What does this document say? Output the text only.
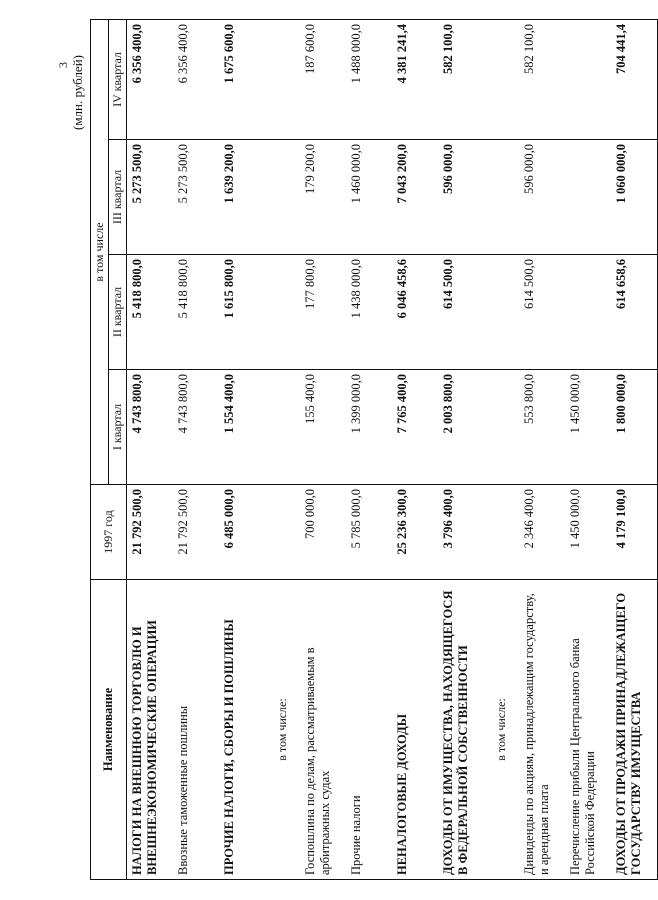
3 (млн. рублей)
Наименование	1997 год	в том числе			
		I квартал	II квартал	III квартал	IV квартал
НАЛОГИ НА ВНЕШНЮЮ ТОРГОВЛЮ И ВНЕШНЕЭКОНОМИЧЕСКИЕ ОПЕРАЦИИ	21 792 500,0	4 743 800,0	5 418 800,0	5 273 500,0	6 356 400,0
Ввозные таможенные пошлины	21 792 500,0	4 743 800,0	5 418 800,0	5 273 500,0	6 356 400,0
ПРОЧИЕ НАЛОГИ, СБОРЫ И ПОШЛИНЫ	6 485 000,0	1 554 400,0	1 615 800,0	1 639 200,0	1 675 600,0
в том числе:					
Госпошлина по делам, рассматриваемым в арбитражных судах	700 000,0	155 400,0	177 800,0	179 200,0	187 600,0
Прочие налоги	5 785 000,0	1 399 000,0	1 438 000,0	1 460 000,0	1 488 000,0
НЕНАЛОГОВЫЕ ДОХОДЫ	25 236 300,0	7 765 400,0	6 046 458,6	7 043 200,0	4 381 241,4
ДОХОДЫ ОТ ИМУЩЕСТВА, НАХОДЯЩЕГОСЯ В ФЕДЕРАЛЬНОЙ СОБСТВЕННОСТИ	3 796 400,0	2 003 800,0	614 500,0	596 000,0	582 100,0
в том числе:					
Дивиденды по акциям, принадлежащим государству, и арендная плата	2 346 400,0	553 800,0	614 500,0	596 000,0	582 100,0
Перечисление прибыли Центрального банка Российской Федерации	1 450 000,0	1 450 000,0			
ДОХОДЫ ОТ ПРОДАЖИ ПРИНАДЛЕЖАЩЕГО ГОСУДАРСТВУ ИМУЩЕСТВА	4 179 100,0	1 800 000,0	614 658,6	1 060 000,0	704 441,4
